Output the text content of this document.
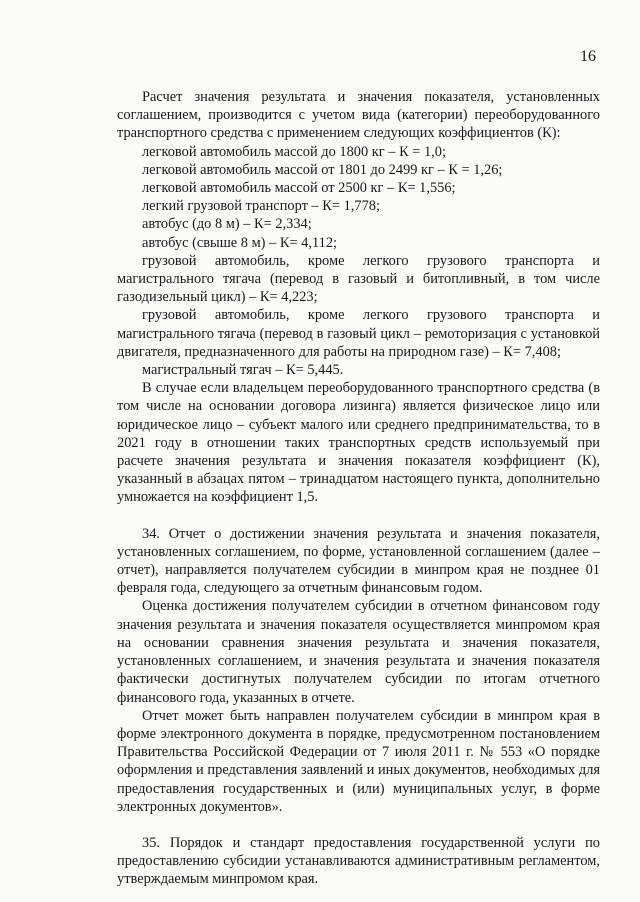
16

Расчет значения результата и значения показателя, установленных соглашением, производится с учетом вида (категории) переоборудованного транспортного средства с применением следующих коэффициентов (К):

легковой автомобиль массой до 1800 кг – К = 1,0;

легковой автомобиль массой от 1801 до 2499 кг – К = 1,26;

легковой автомобиль массой от 2500 кг – К= 1,556;

легкий грузовой транспорт – К= 1,778;

автобус (до 8 м) – К= 2,334;

автобус (свыше 8 м) – К= 4,112;

грузовой автомобиль, кроме легкого грузового транспорта и магистрального тягача (перевод в газовый и битопливный, в том числе газодизельный цикл) – К= 4,223;

грузовой автомобиль, кроме легкого грузового транспорта и магистрального тягача (перевод в газовый цикл – ремоторизация с установкой двигателя, предназначенного для работы на природном газе) – К= 7,408;

магистральный тягач – К= 5,445.

В случае если владельцем переоборудованного транспортного средства (в том числе на основании договора лизинга) является физическое лицо или юридическое лицо – субъект малого или среднего предпринимательства, то в 2021 году в отношении таких транспортных средств используемый при расчете значения результата и значения показателя коэффициент (К), указанный в абзацах пятом – тринадцатом настоящего пункта, дополнительно умножается на коэффициент 1,5.

34. Отчет о достижении значения результата и значения показателя, установленных соглашением, по форме, установленной соглашением (далее – отчет), направляется получателем субсидии в минпром края не позднее 01 февраля года, следующего за отчетным финансовым годом.

Оценка достижения получателем субсидии в отчетном финансовом году значения результата и значения показателя осуществляется минпромом края на основании сравнения значения результата и значения показателя, установленных соглашением, и значения результата и значения показателя фактически достигнутых получателем субсидии по итогам отчетного финансового года, указанных в отчете.

Отчет может быть направлен получателем субсидии в минпром края в форме электронного документа в порядке, предусмотренном постановлением Правительства Российской Федерации от 7 июля 2011 г. № 553 «О порядке оформления и представления заявлений и иных документов, необходимых для предоставления государственных и (или) муниципальных услуг, в форме электронных документов».

35. Порядок и стандарт предоставления государственной услуги по предоставлению субсидии устанавливаются административным регламентом, утверждаемым минпромом края.
